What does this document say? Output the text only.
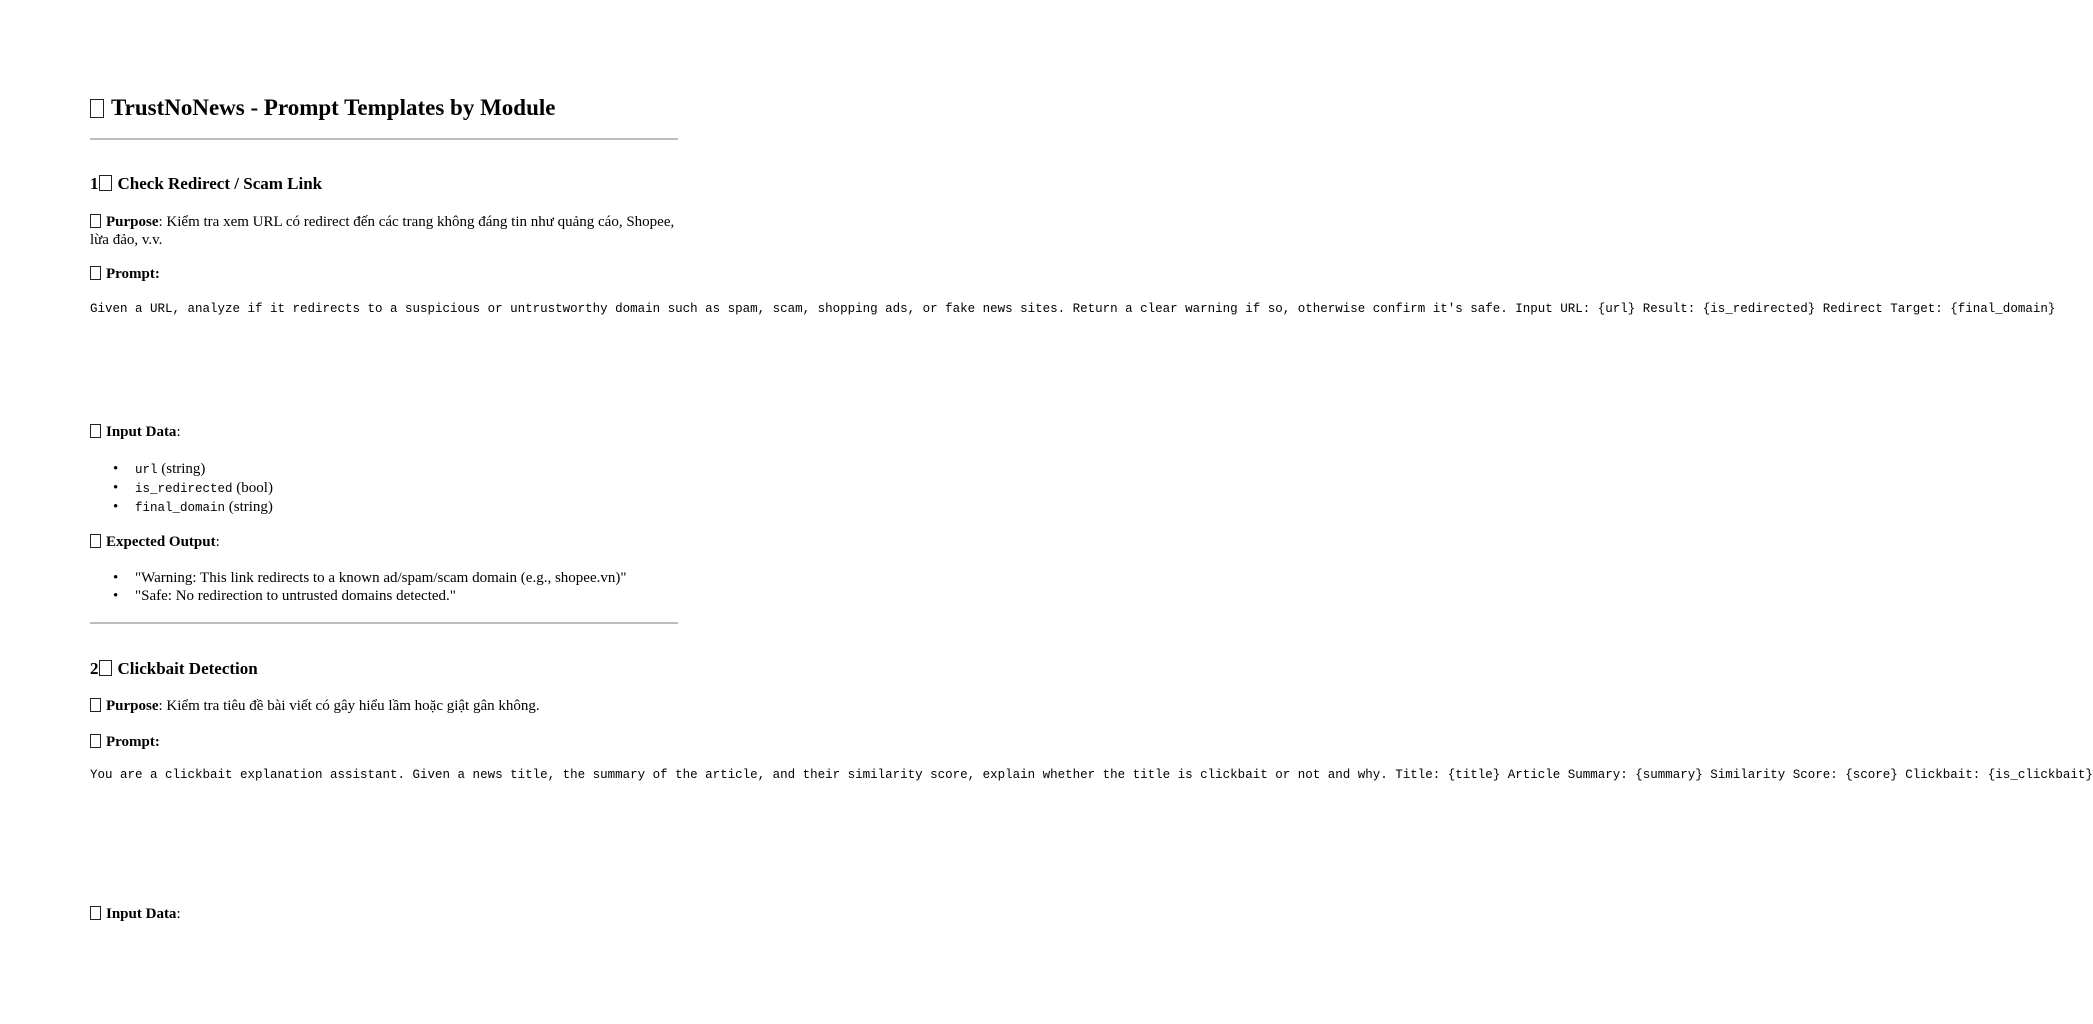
TrustNoNews - Prompt Templates by Module
1 Check Redirect / Scam Link
Purpose: Kiểm tra xem URL có redirect đến các trang không đáng tin như quảng cáo, Shopee, lừa đảo, v.v.
Prompt:
Given a URL, analyze if it redirects to a suspicious or untrustworthy domain such as spam, scam, shopping ads, or fake news sites. Return a clear warning if so, otherwise confirm it's safe. Input URL: {url} Result: {is_redirected} Redirect Target: {final_domain}
Input Data:
• url (string)
• is_redirected (bool)
• final_domain (string)
Expected Output:
• "Warning: This link redirects to a known ad/spam/scam domain (e.g., shopee.vn)"
• "Safe: No redirection to untrusted domains detected."
2 Clickbait Detection
Purpose: Kiểm tra tiêu đề bài viết có gây hiểu lầm hoặc giật gân không.
Prompt:
You are a clickbait explanation assistant. Given a news title, the summary of the article, and their similarity score, explain whether the title is clickbait or not and why. Title: {title} Article Summary: {summary} Similarity Score: {score} Clickbait: {is_clickbait}
Input Data:
